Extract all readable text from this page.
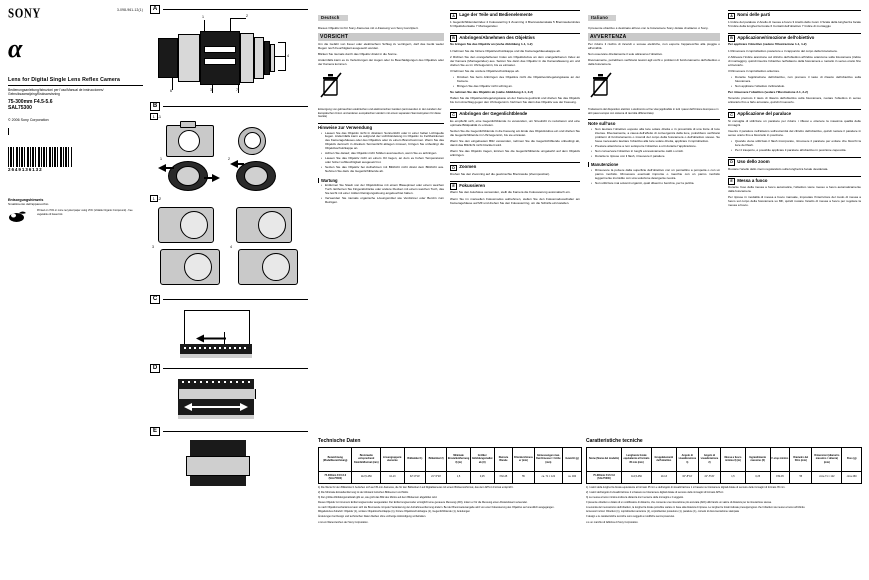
SONY	3-098-961-12(1)
α
Lens for Digital Single Lens Reflex Camera
Bedienungsanleitung/Istruzioni per l'uso/Manual de instrucciones/
Gebruiksaanwijzing/Bruksanvisning
75-300mm F4.5-5.6
SAL75300
© 2006 Sony Corporation
2649136132
Entsorgungshinweis
Smaltimento dell'apparecchio
Printed on 70% or more recycled paper using VOC (Volatile Organic Compound) - free vegetable oil based ink.
A
1	2
6	3	7
4
B
1 -1
1	2
1 -2
3	4
C
D
E
Deutsch
Dieses Objektiv ist für Sony-Kameras mit α-Fassung von Sony konzipiert.
VORSICHT

Um die Gefahr von Feuer oder elektrischem Schlag zu verringern, darf das Gerät weder Regen noch Feuchtigkeit ausgesetzt werden.

Blicken Sie niemals durch das Objektiv direkt in die Sonne.

Andernfalls kann es zu Verletzungen der Augen oder zu Beschädigungen des Objektivs oder der Kamera kommen.

Entsorgung von gebrauchten elektrischen und elektronischen Geräten (anzuwenden in den Ländern der Europäischen Union und anderen europäischen Ländern mit einem separaten Sammelsystem für diese Geräte)

Hinweise zur Verwendung
• Lassen Sie das Objektiv nicht in direktem Sonnenlicht oder in einer hellen Lichtquelle liegen. Andernfalls kann es aufgrund der Lichtbündelung im Objektiv zu Fehlfunktionen des Kameragehäuses oder des Objektivs oder zu einem Brand kommen. Wenn Sie das Objektiv dennoch in direktem Sonnenlicht ablegen müssen, bringen Sie unbedingt die Objektivschutzkappe an.
• Achten Sie darauf, das Objektiv nicht Stößen auszusetzen, wenn Sie es anbringen.
• Lassen Sie das Objektiv nicht an einem Ort liegen, an dem es hohen Temperaturen oder hoher Luftfeuchtigkeit ausgesetzt ist.
• Setzen Sie das Objektiv bei Aufnahmen mit Blitzlicht nicht direkt dem Blitzlicht aus. Nehmen Sie dazu die Gegenlichtblende ab.
Wartung
• Entfernen Sie Staub von der Objektivlinse mit einem Blasepinsel oder einem weichen Tuch. Entfernen Sie Fingerabdrücke oder andere Flecken mit einem weichen Tuch, das Sie leicht mit einer milden Reinigungslösung angefeuchtet haben.
• Verwenden Sie niemals organische Lösungsmittel wie Verdünner oder Benzin zum Reinigen.
A Lage der Teile und Bedienelemente

1 Gegenlichtblendenindex 2 Fokussierring 3 Zoomring 4 Brennweitenskala 5 Brennweitenindex 6 Objektivkontakte 7 Montageindex

B Anbringen/Abnehmen des Objektivs

So bringen Sie das Objektiv an (siehe Abbildung 1-1, 1-2)

1 Nehmen Sie die hintere Objektivschutzkappe und die Kameragehäusekappe ab.

2 Richten Sie den orangefarbenen Index am Objektivtubus an dem orangefarbenen Index an der Kamera (Montageindex) aus. Setzen Sie dann das Objektiv in die Kamerafassung ein und drehen Sie es im Uhrzeigersinn, bis es einrastet.

3 Nehmen Sie die vordere Objektivschutzkappe ab.

• Drücken Sie beim Anbringen des Objektivs nicht die Objektiventriegelungstaste an der Kamera.
• Bringen Sie das Objektiv nicht schräg an.

So nehmen Sie das Objektiv ab (siehe Abbildung 2-1, 2-2)

Halten Sie die Objektiventriegelungstaste an der Kamera gedrückt und drehen Sie das Objektiv bis zum Anschlag gegen den Uhrzeigersinn. Nehmen Sie dann das Objektiv aus der Fassung.

C Anbringen der Gegenlichtblende

Es empfiehlt sich, eine Gegenlichtblende zu verwenden, um Streulicht zu reduzieren und eine optimale Bildqualität zu erzielen.

Setzen Sie die Gegenlichtblende in die Fassung am Ende des Objektivtubus ein und drehen Sie die Gegenlichtblende im Uhrzeigersinn, bis sie einrastet.

Wenn Sie den eingebauten Blitz verwenden, nehmen Sie die Gegenlichtblende unbedingt ab, damit das Blitzlicht nicht blockiert wird.

Wenn Sie das Objektiv tragen, können Sie die Gegenlichtblende umgekehrt auf dem Objektiv anbringen.

D Zoomen

Drehen Sie den Zoomring auf die gewünschte Brennweite (Zoomposition).

E Fokussieren

Wenn Sie den Autofokus verwenden, stellt die Kamera die Fokussierung automatisch ein.

Wenn Sie im manuellen Fokusmodus aufnehmen, stellen Sie den Fokusmodusschalter am Kameragehäuse auf MF und drehen Sie den Fokussierring, um die Schärfe einzustellen.

Italiano
Il presente obiettivo è destinato all'uso con le fotocamere Sony dotate di attacco α Sony.
AVVERTENZA

Per ridurre il rischio di incendi o scosse elettriche, non esporre l'apparecchio alla pioggia o all'umidità.

Non osservare direttamente il sole attraverso l'obiettivo.

Diversamente, potrebbero verificarsi lesioni agli occhi o problemi di funzionamento dell'obiettivo o della fotocamera.

Trattamento del dispositivo elettrico o elettronico a fine vita (applicabile in tutti i paesi dell'Unione Europea e in altri paesi europei con sistema di raccolta differenziata)

Note sull'uso
• Non lasciare l'obiettivo esposto alla luce solare diretta o in prossimità di una fonte di luce intensa. Diversamente, a causa dell'effetto di convergenza della luce, potrebbero verificarsi problemi di funzionamento o incendi del corpo della fotocamera o dell'obiettivo stesso. Se fosse necessario lasciare l'obiettivo alla luce solare diretta, applicare il copriobiettivo.
• Prestare attenzione a non sottoporre l'obiettivo a urti durante l'applicazione.
• Non conservare l'obiettivo in luoghi eccessivamente caldi o umidi.
• Durante le riprese con il flash, rimuovere il paraluce.
Manutenzione
• Rimuovere la polvere dalla superficie dell'obiettivo con un pennellino a pompetta o con un panno morbido. Rimuovere eventuali impronte o macchie con un panno morbido leggermente inumidito con una soluzione detergente neutra.
• Non utilizzare mai solventi organici, quali diluenti o benzina, per la pulizia.
A Nomi delle parti

1 Indice del paraluce 2 Anello di messa a fuoco 3 Anello dello zoom 4 Scala della lunghezza focale 5 Indice della lunghezza focale 6 Contatti dell'obiettivo 7 Indice di montaggio

B Applicazione/rimozione dell'obiettivo

Per applicare l'obiettivo (vedere l'illustrazione 1-1, 1-2)

1 Rimuovere il copriobiettivo posteriore e il cappuccio del corpo della fotocamera.

2 Allineare l'indice arancione sul cilindro dell'obiettivo all'indice arancione sulla fotocamera (indice di montaggio), quindi inserire l'obiettivo nell'attacco della fotocamera e ruotarlo in senso orario fino a bloccarlo.

3 Rimuovere il copriobiettivo anteriore.

• Durante l'applicazione dell'obiettivo, non premere il tasto di rilascio dell'obiettivo sulla fotocamera.
• Non applicare l'obiettivo inclinandolo.

Per rimuovere l'obiettivo (vedere l'illustrazione 2-1, 2-2)

Tenendo premuto il tasto di rilascio dell'obiettivo sulla fotocamera, ruotare l'obiettivo in senso antiorario fino a farlo arrestare, quindi rimuoverlo.

C Applicazione del paraluce

Si consiglia di utilizzare un paraluce per ridurre i riflessi e ottenere la massima qualità delle immagini.

Inserire il paraluce nell'attacco sull'estremità del cilindro dell'obiettivo, quindi ruotare il paraluce in senso orario fino a bloccarlo in posizione.

• Quando viene utilizzato il flash incorporato, rimuovere il paraluce per evitare che blocchi la luce del flash.
• Per il trasporto, è possibile applicare il paraluce all'obiettivo in posizione capovolta.
D Uso dello zoom

Ruotare l'anello dello zoom regolandolo sulla lunghezza focale desiderata.

E Messa a fuoco

Durante l'uso della messa a fuoco automatica, l'obiettivo viene messo a fuoco automaticamente dalla fotocamera.

Per riprese in modalità di messa a fuoco manuale, impostare l'interruttore del modo di messa a fuoco sul corpo della fotocamera su MF, quindi ruotare l'anello di messa a fuoco per regolare la messa a fuoco.

Technische Daten
Bezeichnung (Modellbezeichnung)	Brennweite entsprechend Kleinbildformat (mm)	Linsengruppen/-elemente	Bildwinkel 1)	Bildwinkel 2)	Minimale Einstellentfernung 3) (m)	Größter Abbildungsmaßstab (X)	Kleinste Blende	Filterdurchmesser (mm)	Abmessungen max. Durchmesser × Höhe (mm)	Gewicht (g)
75-300mm F4.5-5.6 (SAL75300)	112,5-450	10-13	32°-8°10'	21°-5°20'	1,5	0,25	f/32-45	55	ca. 71 × 122	ca. 460

1) Die Werte für den Bildwinkel 1 beziehen sich auf 35-mm-Kameras, die für den Bildwinkel 2 auf Digitalkameras mit einem Bildsensorformat, das dem APS-C-Format entspricht.

2) Die Minimale Einstellentfernung ist der Abstand zwischen Bildsensor und Motiv.

3) Der größte Abbildungsmaßstab gibt an, wie groß das Bild des Motivs auf dem Bildsensor abgebildet wird.

Dieses Objektiv ist mit einem Entfernungsencoder ausgestattet. Der Entfernungsencoder ermöglicht eine genauere Messung (ADI), indem er für die Messung einen Abstandswert verwendet.

Je nach Objektivmechanismus kann sich die Brennweite mit jeder Veränderung der Aufnahmeentfernung ändern. Bei der Brennweitenangabe wird von einer Fokussierung des Objektivs auf unendlich ausgegangen.

Mitgeliefertes Zubehör: Objektiv (1), vordere Objektivschutzkappe (1), hintere Objektivschutzkappe (1), Gegenlichtblende (1), Anleitungen

Änderungen bei Design und technischen Daten bleiben ohne vorherige Ankündigung vorbehalten.

α ist ein Warenzeichen der Sony Corporation.
Caratteristiche tecniche
Nome (Nome del modello)	Lunghezza focale equivalente al formato 35 mm (mm)	Gruppi/elementi dell'obiettivo	Angolo di visualizzazione 1)	Angolo di visualizzazione 2)	Messa a fuoco minima 3) (m)	Ingrandimento massimo (X)	F-stop minimo	Diametro del filtro (mm)	Dimensioni (diametro massimo × altezza) (mm)	Peso (g)
75-300mm F4.5-5.6 (SAL75300)	112,5-450	10-13	32°-8°10'	21°-5°20'	1,5	0,25	f/32-45	55	circa 71 × 122	circa 460

1) I valori della lunghezza focale equivalente al formato 35 mm e dell'angolo di visualizzazione 1 si basano su fotocamere digitali dotate di sensore delle immagini di formato 35 mm.

2) I valori dell'angolo di visualizzazione 2 si basano su fotocamere digitali dotate di sensore delle immagini di formato APS-C.

3) La messa a fuoco minima indica la distanza tra il sensore delle immagini e il soggetto.

Il presente obiettivo è dotato di un codificatore di distanza, che consente una misurazione più accurata (ADI) utilizzando un valore di distanza per la misurazione stessa.

A seconda del meccanismo dell'obiettivo, la lunghezza focale potrebbe variare in base alla distanza di ripresa. Le lunghezze focali indicate presuppongono che l'obiettivo sia messo a fuoco all'infinito.

Accessori inclusi: Obiettivo (1), copriobiettivo anteriore (1), copriobiettivo posteriore (1), paraluce (1), corredo di documentazione stampata

Il design e le caratteristiche tecniche sono soggetti a modifiche senza preavviso.

α è un marchio di fabbrica di Sony Corporation.
